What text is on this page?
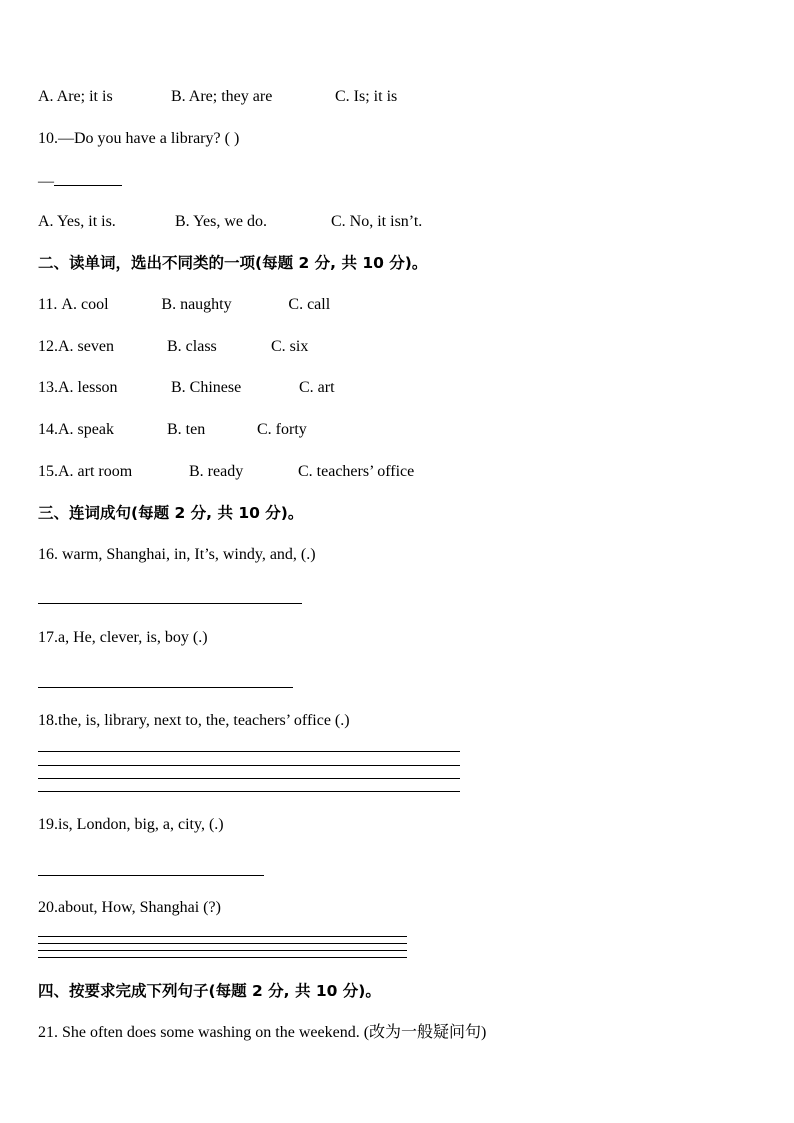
A. Are; it is	B. Are; they are	C. Is; it is
10.—Do you have a library? ( )
—
A. Yes, it is.	B. Yes, we do.	C. No, it isn’t.
二、读单词，选出不同类的一项(每题 2 分, 共 10 分)。
11. A. cool	B. naughty	C. call
12.A. seven	B. class	C. six
13.A. lesson	B. Chinese	C. art
14.A. speak	B. ten	C. forty
15.A. art room	B. ready	C. teachers’ office
三、连词成句(每题 2 分, 共 10 分)。
16. warm, Shanghai, in, It’s, windy, and, (.)
17.a, He, clever, is, boy (.)
18.the, is, library, next to, the, teachers’ office (.)
19.is, London, big, a, city, (.)
20.about, How, Shanghai (?)
四、按要求完成下列句子(每题 2 分, 共 10 分)。
21. She often does some washing on the weekend. (改为一般疑问句)
